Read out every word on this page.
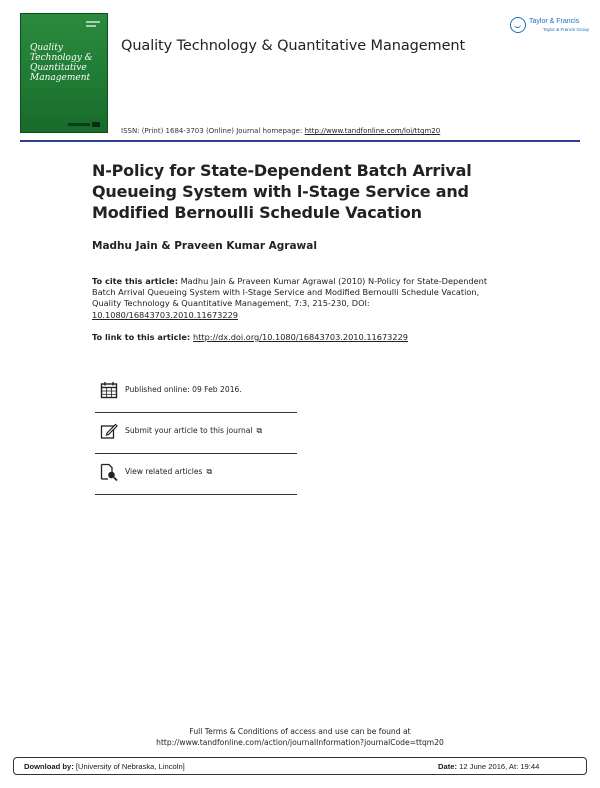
Quality Technology & Quantitative Management
Quality Technology & Quantitative Management
ISSN: (Print) 1684-3703 (Online) Journal homepage: http://www.tandfonline.com/loi/ttqm20
Taylor & Francis
Taylor & Francis Group
N-Policy for State-Dependent Batch Arrival Queueing System with l-Stage Service and Modified Bernoulli Schedule Vacation
Madhu Jain & Praveen Kumar Agrawal
To cite this article: Madhu Jain & Praveen Kumar Agrawal (2010) N-Policy for State-Dependent Batch Arrival Queueing System with l-Stage Service and Modified Bernoulli Schedule Vacation, Quality Technology & Quantitative Management, 7:3, 215-230, DOI: 10.1080/16843703.2010.11673229
To link to this article: http://dx.doi.org/10.1080/16843703.2010.11673229
Published online: 09 Feb 2016.
Submit your article to this journal ⧉
View related articles ⧉
Full Terms & Conditions of access and use can be found at
http://www.tandfonline.com/action/journalInformation?journalCode=ttqm20
Download by: [University of Nebraska, Lincoln]	Date: 12 June 2016, At: 19:44
